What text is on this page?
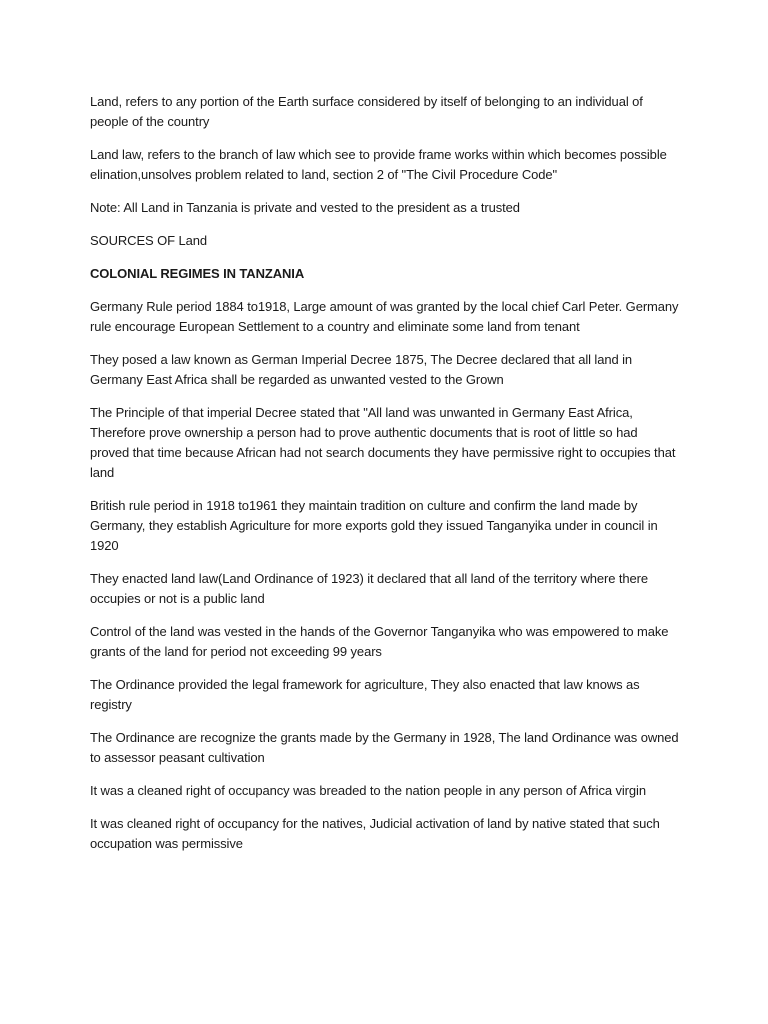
Land, refers to any portion of the Earth surface considered by itself of belonging to an individual of people of the country

Land law, refers to the branch of law which see to provide frame works within which becomes possible elination,unsolves problem related to land, section 2 of "The Civil Procedure Code"

Note: All Land in Tanzania is private and vested to the president as a trusted

SOURCES OF Land

COLONIAL REGIMES IN TANZANIA

Germany Rule period 1884 to1918, Large amount of was granted by the local chief Carl Peter. Germany rule encourage European Settlement to a country and eliminate some land from tenant

They posed a law known as German Imperial Decree 1875, The Decree declared that all land in Germany East Africa shall be regarded as unwanted vested to the Grown

The Principle of that imperial Decree stated that "All land was unwanted in Germany East Africa, Therefore prove ownership a person had to prove authentic documents that is root of little so had proved that time because African had not search documents they have permissive right to occupies that land

British rule period in 1918 to1961 they maintain tradition on culture and confirm the land made by Germany, they establish Agriculture for more exports gold they issued Tanganyika under in council in 1920

They enacted land law(Land Ordinance of 1923) it declared that all land of the territory where there occupies or not is a public land

Control of the land was vested in the hands of the Governor Tanganyika who was empowered to make grants of the land for period not exceeding 99 years

The Ordinance provided the legal framework for agriculture, They also enacted that law knows as registry

The Ordinance are recognize the grants made by the Germany in 1928, The land Ordinance was owned to assessor peasant cultivation

It was a cleaned right of occupancy was breaded to the nation people in any person of Africa virgin

It was cleaned right of occupancy for the natives, Judicial activation of land by native stated that such occupation was permissive
